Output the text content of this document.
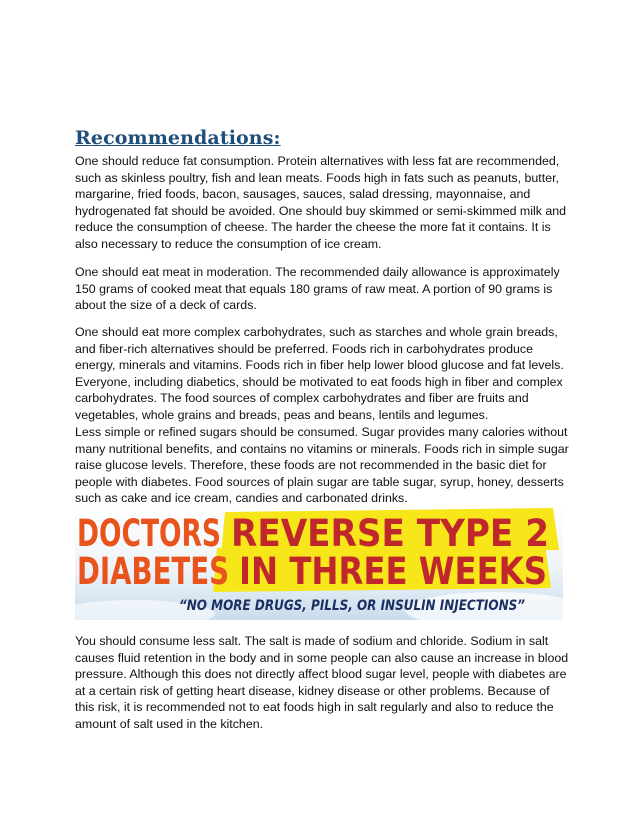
Recommendations:

One should reduce fat consumption. Protein alternatives with less fat are recommended, such as skinless poultry, fish and lean meats. Foods high in fats such as peanuts, butter, margarine, fried foods, bacon, sausages, sauces, salad dressing, mayonnaise, and hydrogenated fat should be avoided. One should buy skimmed or semi-skimmed milk and reduce the consumption of cheese. The harder the cheese the more fat it contains. It is also necessary to reduce the consumption of ice cream.

One should eat meat in moderation. The recommended daily allowance is approximately 150 grams of cooked meat that equals 180 grams of raw meat. A portion of 90 grams is about the size of a deck of cards.

One should eat more complex carbohydrates, such as starches and whole grain breads, and fiber-rich alternatives should be preferred. Foods rich in carbohydrates produce energy, minerals and vitamins. Foods rich in fiber help lower blood glucose and fat levels. Everyone, including diabetics, should be motivated to eat foods high in fiber and complex carbohydrates. The food sources of complex carbohydrates and fiber are fruits and vegetables, whole grains and breads, peas and beans, lentils and legumes.

Less simple or refined sugars should be consumed. Sugar provides many calories without many nutritional benefits, and contains no vitamins or minerals. Foods rich in simple sugar raise glucose levels. Therefore, these foods are not recommended in the basic diet for people with diabetes. Food sources of plain sugar are table sugar, syrup, honey, desserts such as cake and ice cream, candies and carbonated drinks.

DOCTORS REVERSE TYPE 2
DIABETES IN THREE WEEKS
“NO MORE DRUGS, PILLS, OR INSULIN INJECTIONS”

You should consume less salt. The salt is made of sodium and chloride. Sodium in salt causes fluid retention in the body and in some people can also cause an increase in blood pressure. Although this does not directly affect blood sugar level, people with diabetes are at a certain risk of getting heart disease, kidney disease or other problems. Because of this risk, it is recommended not to eat foods high in salt regularly and also to reduce the amount of salt used in the kitchen.
